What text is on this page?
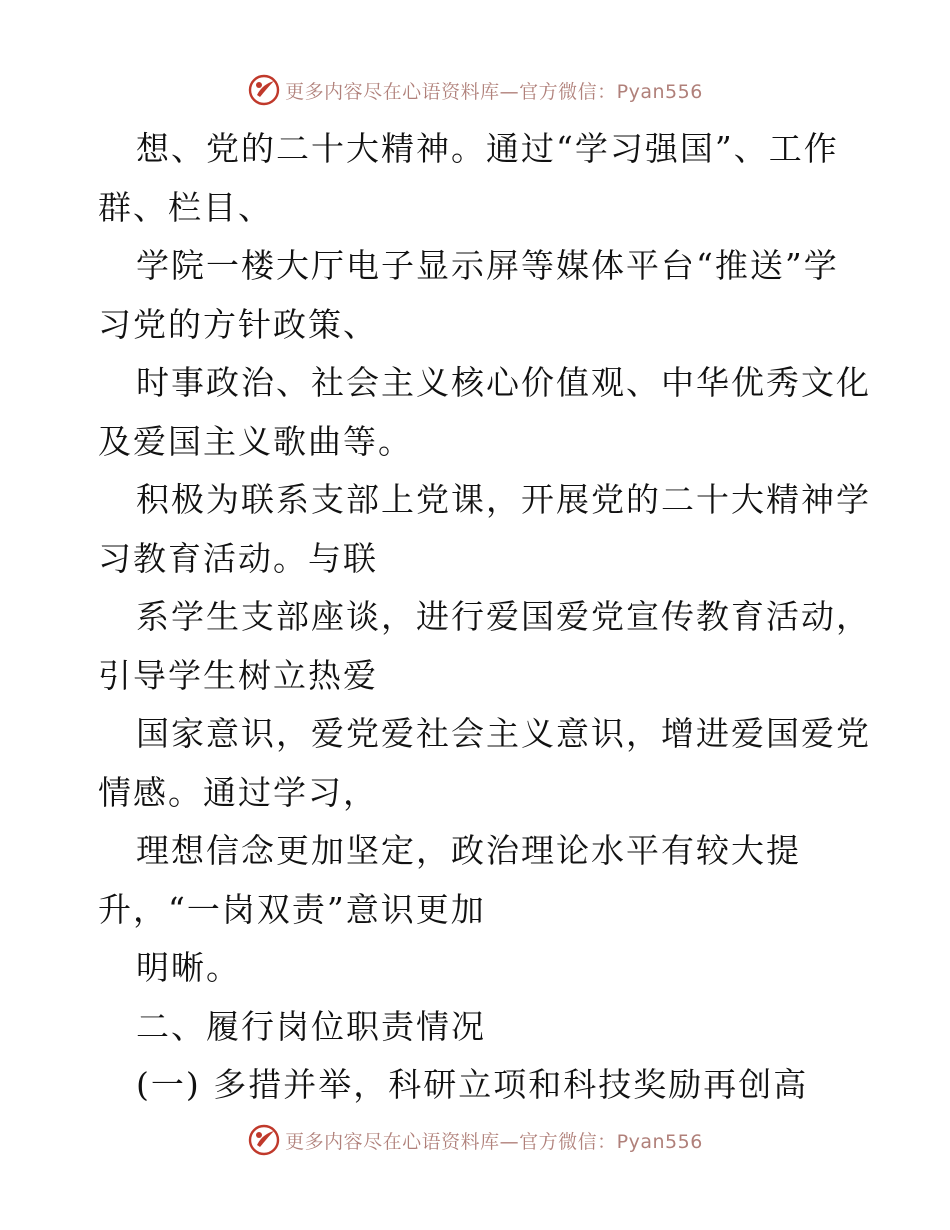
更多内容尽在心语资料库—官方微信：Pyan556
想、党的二十大精神。通过“学习强国”、工作
群、栏目、
学院一楼大厅电子显示屏等媒体平台“推送”学
习党的方针政策、
时事政治、社会主义核心价值观、中华优秀文化
及爱国主义歌曲等。
积极为联系支部上党课，开展党的二十大精神学
习教育活动。与联
系学生支部座谈，进行爱国爱党宣传教育活动，
引导学生树立热爱
国家意识，爱党爱社会主义意识，增进爱国爱党
情感。通过学习，
理想信念更加坚定，政治理论水平有较大提
升，“一岗双责”意识更加
明晰。
二、履行岗位职责情况
(一) 多措并举，科研立项和科技奖励再创高
更多内容尽在心语资料库—官方微信：Pyan556
